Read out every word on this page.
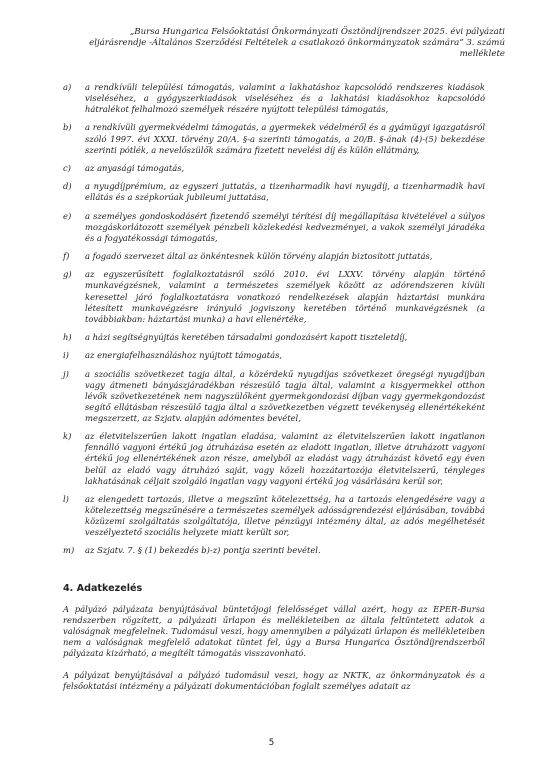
„Bursa Hungarica Felsőoktatási Önkormányzati Ösztöndíjrendszer 2025. évi pályázati eljárásrendje -Általános Szerződési Feltételek a csatlakozó önkormányzatok számára” 3. számú melléklete
a) a rendkívüli települési támogatás, valamint a lakhatáshoz kapcsolódó rendszeres kiadások viseléséhez, a gyógyszerkiadások viseléséhez és a lakhatási kiadásokhoz kapcsolódó hátralékot felhalmozó személyek részére nyújtott települési támogatás,
b) a rendkívüli gyermekvédelmi támogatás, a gyermekek védelméről és a gyámügyi igazgatásról szóló 1997. évi XXXI. törvény 20/A. §-a szerinti támogatás, a 20/B. §-ának (4)-(5) bekezdése szerinti pótlék, a nevelőszülők számára fizetett nevelési díj és külön ellátmány,
c) az anyasági támogatás,
d) a nyugdíjprémium, az egyszeri juttatás, a tizenharmadik havi nyugdíj, a tizenharmadik havi ellátás és a szépkorúak jubileumi juttatása,
e) a személyes gondoskodásért fizetendő személyi térítési díj megállapítása kivételével a súlyos mozgáskorlátozott személyek pénzbeli közlekedési kedvezményei, a vakok személyi járadéka és a fogyatékossági támogatás,
f) a fogadó szervezet által az önkéntesnek külön törvény alapján biztosított juttatás,
g) az egyszerűsített foglalkoztatásról szóló 2010. évi LXXV. törvény alapján történő munkavégzésnek, valamint a természetes személyek között az adórendszeren kívüli keresettel járó foglalkoztatásra vonatkozó rendelkezések alapján háztartási munkára létesített munkavégzésre irányuló jogviszony keretében történő munkavégzésnek (a továbbiakban: háztartási munka) a havi ellenértéke,
h) a házi segítségnyújtás keretében társadalmi gondozásért kapott tiszteletdíj,
i) az energiafelhasználáshoz nyújtott támogatás,
j) a szociális szövetkezet tagja által, a közérdekű nyugdíjas szövetkezet öregségi nyugdíjban vagy átmeneti bányászjáradékban részesülő tagja által, valamint a kisgyermekkel otthon lévők szövetkezetének nem nagyszülőként gyermekgondozási díjban vagy gyermekgondozást segítő ellátásban részesülő tagja által a szövetkezetben végzett tevékenység ellenértékeként megszerzett, az Szjatv. alapján adómentes bevétel,
k) az életvitelszerűen lakott ingatlan eladása, valamint az életvitelszerűen lakott ingatlanon fennálló vagyoni értékű jog átruházása esetén az eladott ingatlan, illetve átruházott vagyoni értékű jog ellenértékének azon része, amelyből az eladást vagy átruházást követő egy éven belül az eladó vagy átruházó saját, vagy közeli hozzátartozója életvitelszerű, tényleges lakhatásának céljait szolgáló ingatlan vagy vagyoni értékű jog vásárlására kerül sor,
l) az elengedett tartozás, illetve a megszűnt kötelezettség, ha a tartozás elengedésére vagy a kötelezettség megszűnésére a természetes személyek adósságrendezési eljárásában, továbbá közüzemi szolgáltatás szolgáltatója, illetve pénzügyi intézmény által, az adós megélhetését veszélyeztető szociális helyzete miatt került sor,
m) az Szjatv. 7. § (1) bekezdés b)-z) pontja szerinti bevétel.
4. Adatkezelés

A pályázó pályázata benyújtásával büntetőjogi felelősséget vállal azért, hogy az EPER-Bursa rendszerben rögzített, a pályázati űrlapon és mellékleteiben az általa feltüntetett adatok a valóságnak megfelelnek. Tudomásul veszi, hogy amennyiben a pályázati űrlapon és mellékleteiben nem a valóságnak megfelelő adatokat tüntet fel, úgy a Bursa Hungarica Ösztöndíjrendszerből pályázata kizárható, a megítélt támogatás visszavonható.

A pályázat benyújtásával a pályázó tudomásul veszi, hogy az NKTK, az önkormányzatok és a felsőoktatási intézmény a pályázati dokumentációban foglalt személyes adatait az

5
